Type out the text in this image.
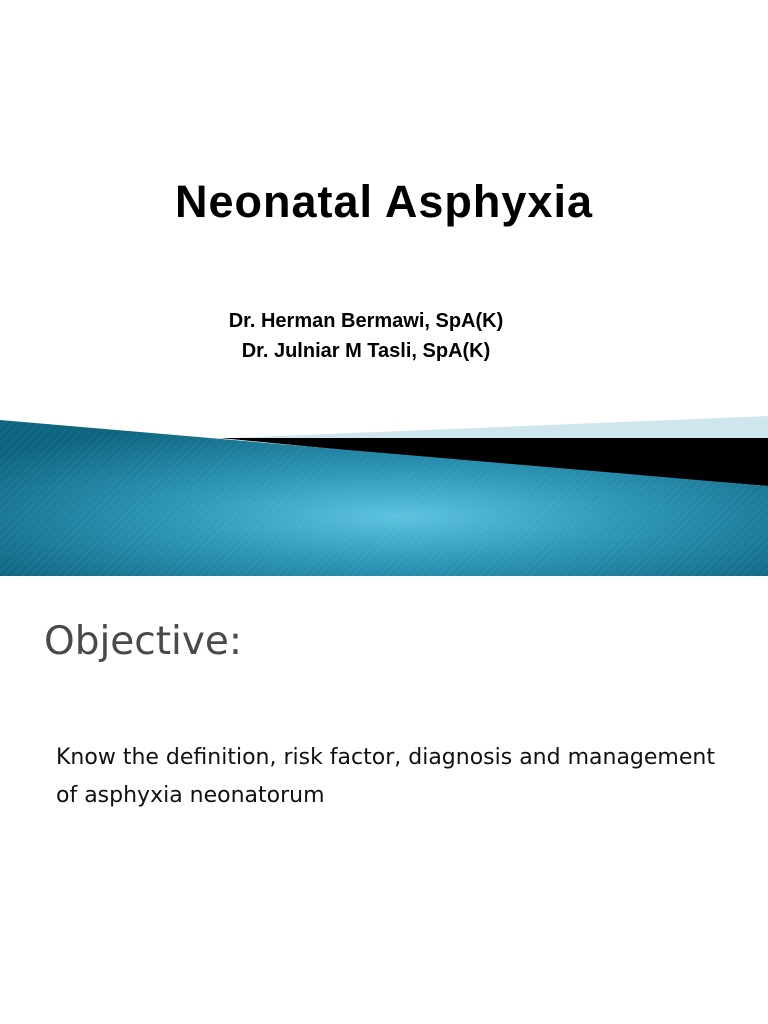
Neonatal Asphyxia
Dr. Herman Bermawi, SpA(K)
Dr. Julniar M Tasli, SpA(K)
Objective:

Know the definition, risk factor, diagnosis and management of asphyxia neonatorum
